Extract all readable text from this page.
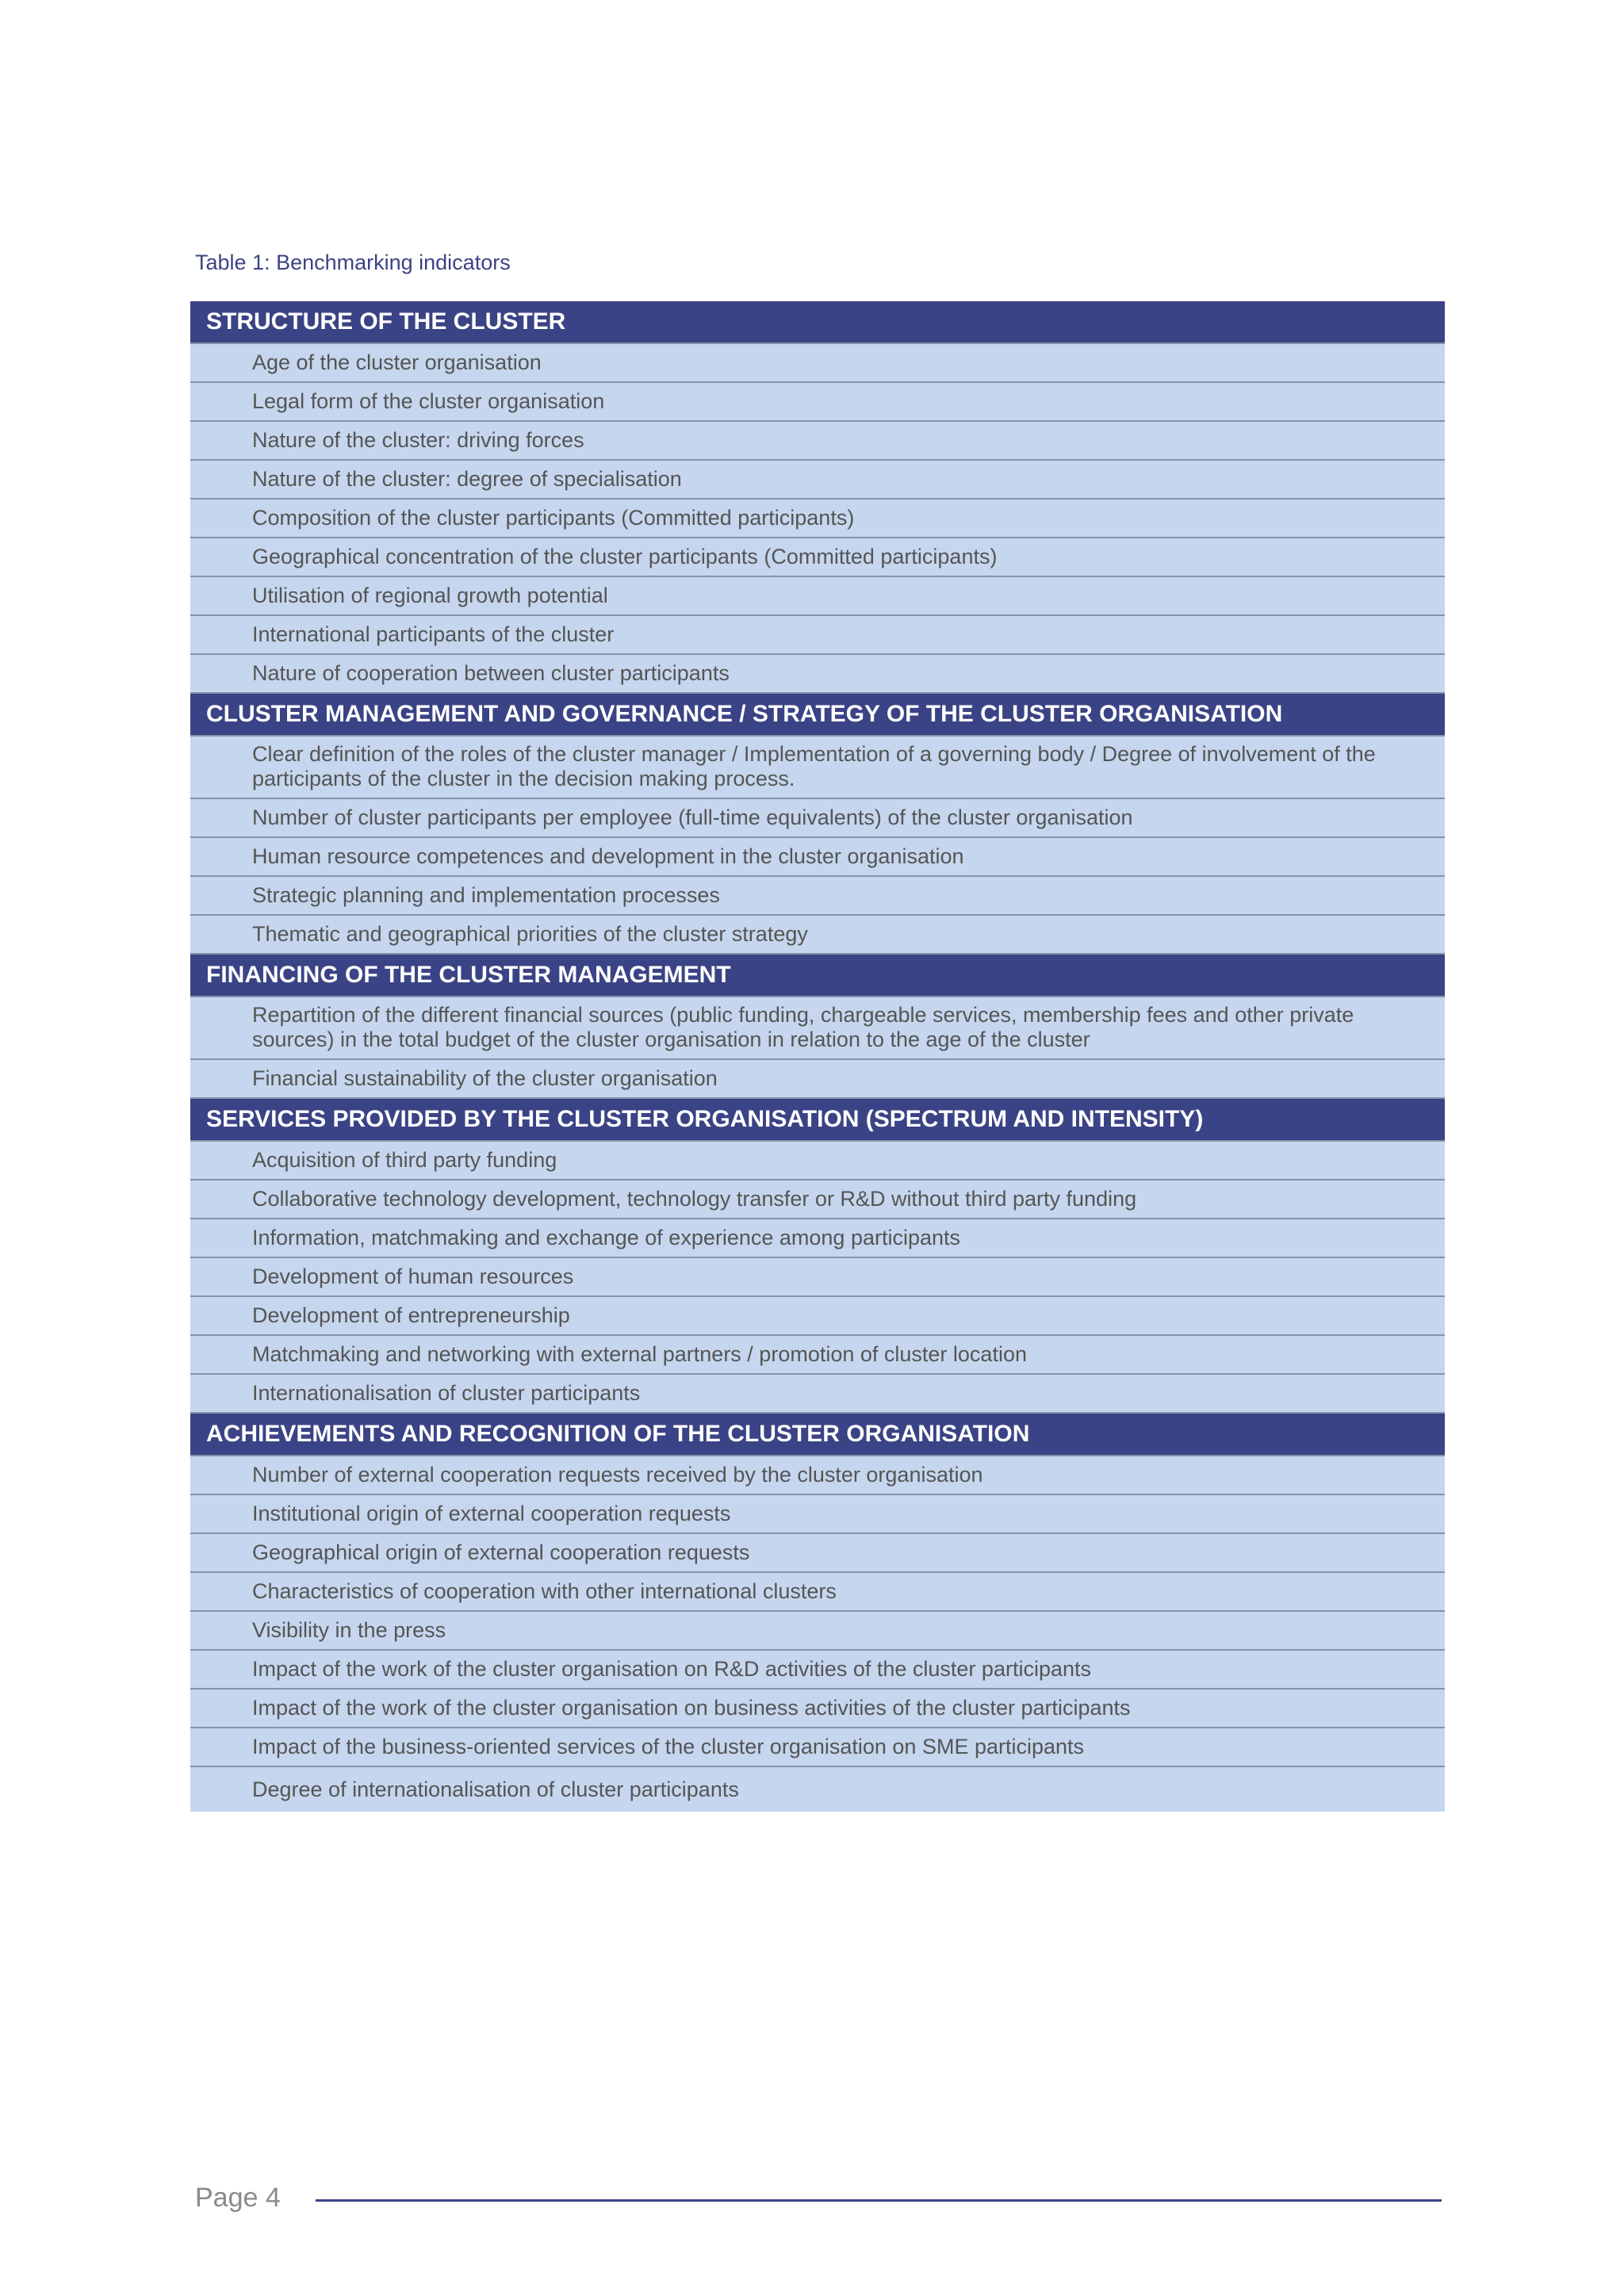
Table 1: Benchmarking indicators
STRUCTURE OF THE CLUSTER
Age of the cluster organisation
Legal form of the cluster organisation
Nature of the cluster: driving forces
Nature of the cluster: degree of specialisation
Composition of the cluster participants (Committed participants)
Geographical concentration of the cluster participants (Committed participants)
Utilisation of regional growth potential
International participants of the cluster
Nature of cooperation between cluster participants
CLUSTER MANAGEMENT AND GOVERNANCE / STRATEGY OF THE CLUSTER ORGANISATION
Clear definition of the roles of the cluster manager / Implementation of a governing body / Degree of involvement of the participants of the cluster in the decision making process.
Number of cluster participants per employee (full-time equivalents) of the cluster organisation
Human resource competences and development in the cluster organisation
Strategic planning and implementation processes
Thematic and geographical priorities of the cluster strategy
FINANCING OF THE CLUSTER MANAGEMENT
Repartition of the different financial sources (public funding, chargeable services, membership fees and other private sources) in the total budget of the cluster organisation in relation to the age of the cluster
Financial sustainability of the cluster organisation
SERVICES PROVIDED BY THE CLUSTER ORGANISATION (SPECTRUM AND INTENSITY)
Acquisition of third party funding
Collaborative technology development, technology transfer or R&D without third party funding
Information, matchmaking and exchange of experience among participants
Development of human resources
Development of entrepreneurship
Matchmaking and networking with external partners / promotion of cluster location
Internationalisation of cluster participants
ACHIEVEMENTS AND RECOGNITION OF THE CLUSTER ORGANISATION
Number of external cooperation requests received by the cluster organisation
Institutional origin of external cooperation requests
Geographical origin of external cooperation requests
Characteristics of cooperation with other international clusters
Visibility in the press
Impact of the work of the cluster organisation on R&D activities of the cluster participants
Impact of the work of the cluster organisation on business activities of the cluster participants
Impact of the business-oriented services of the cluster organisation on SME participants
Degree of internationalisation of cluster participants
Page 4
